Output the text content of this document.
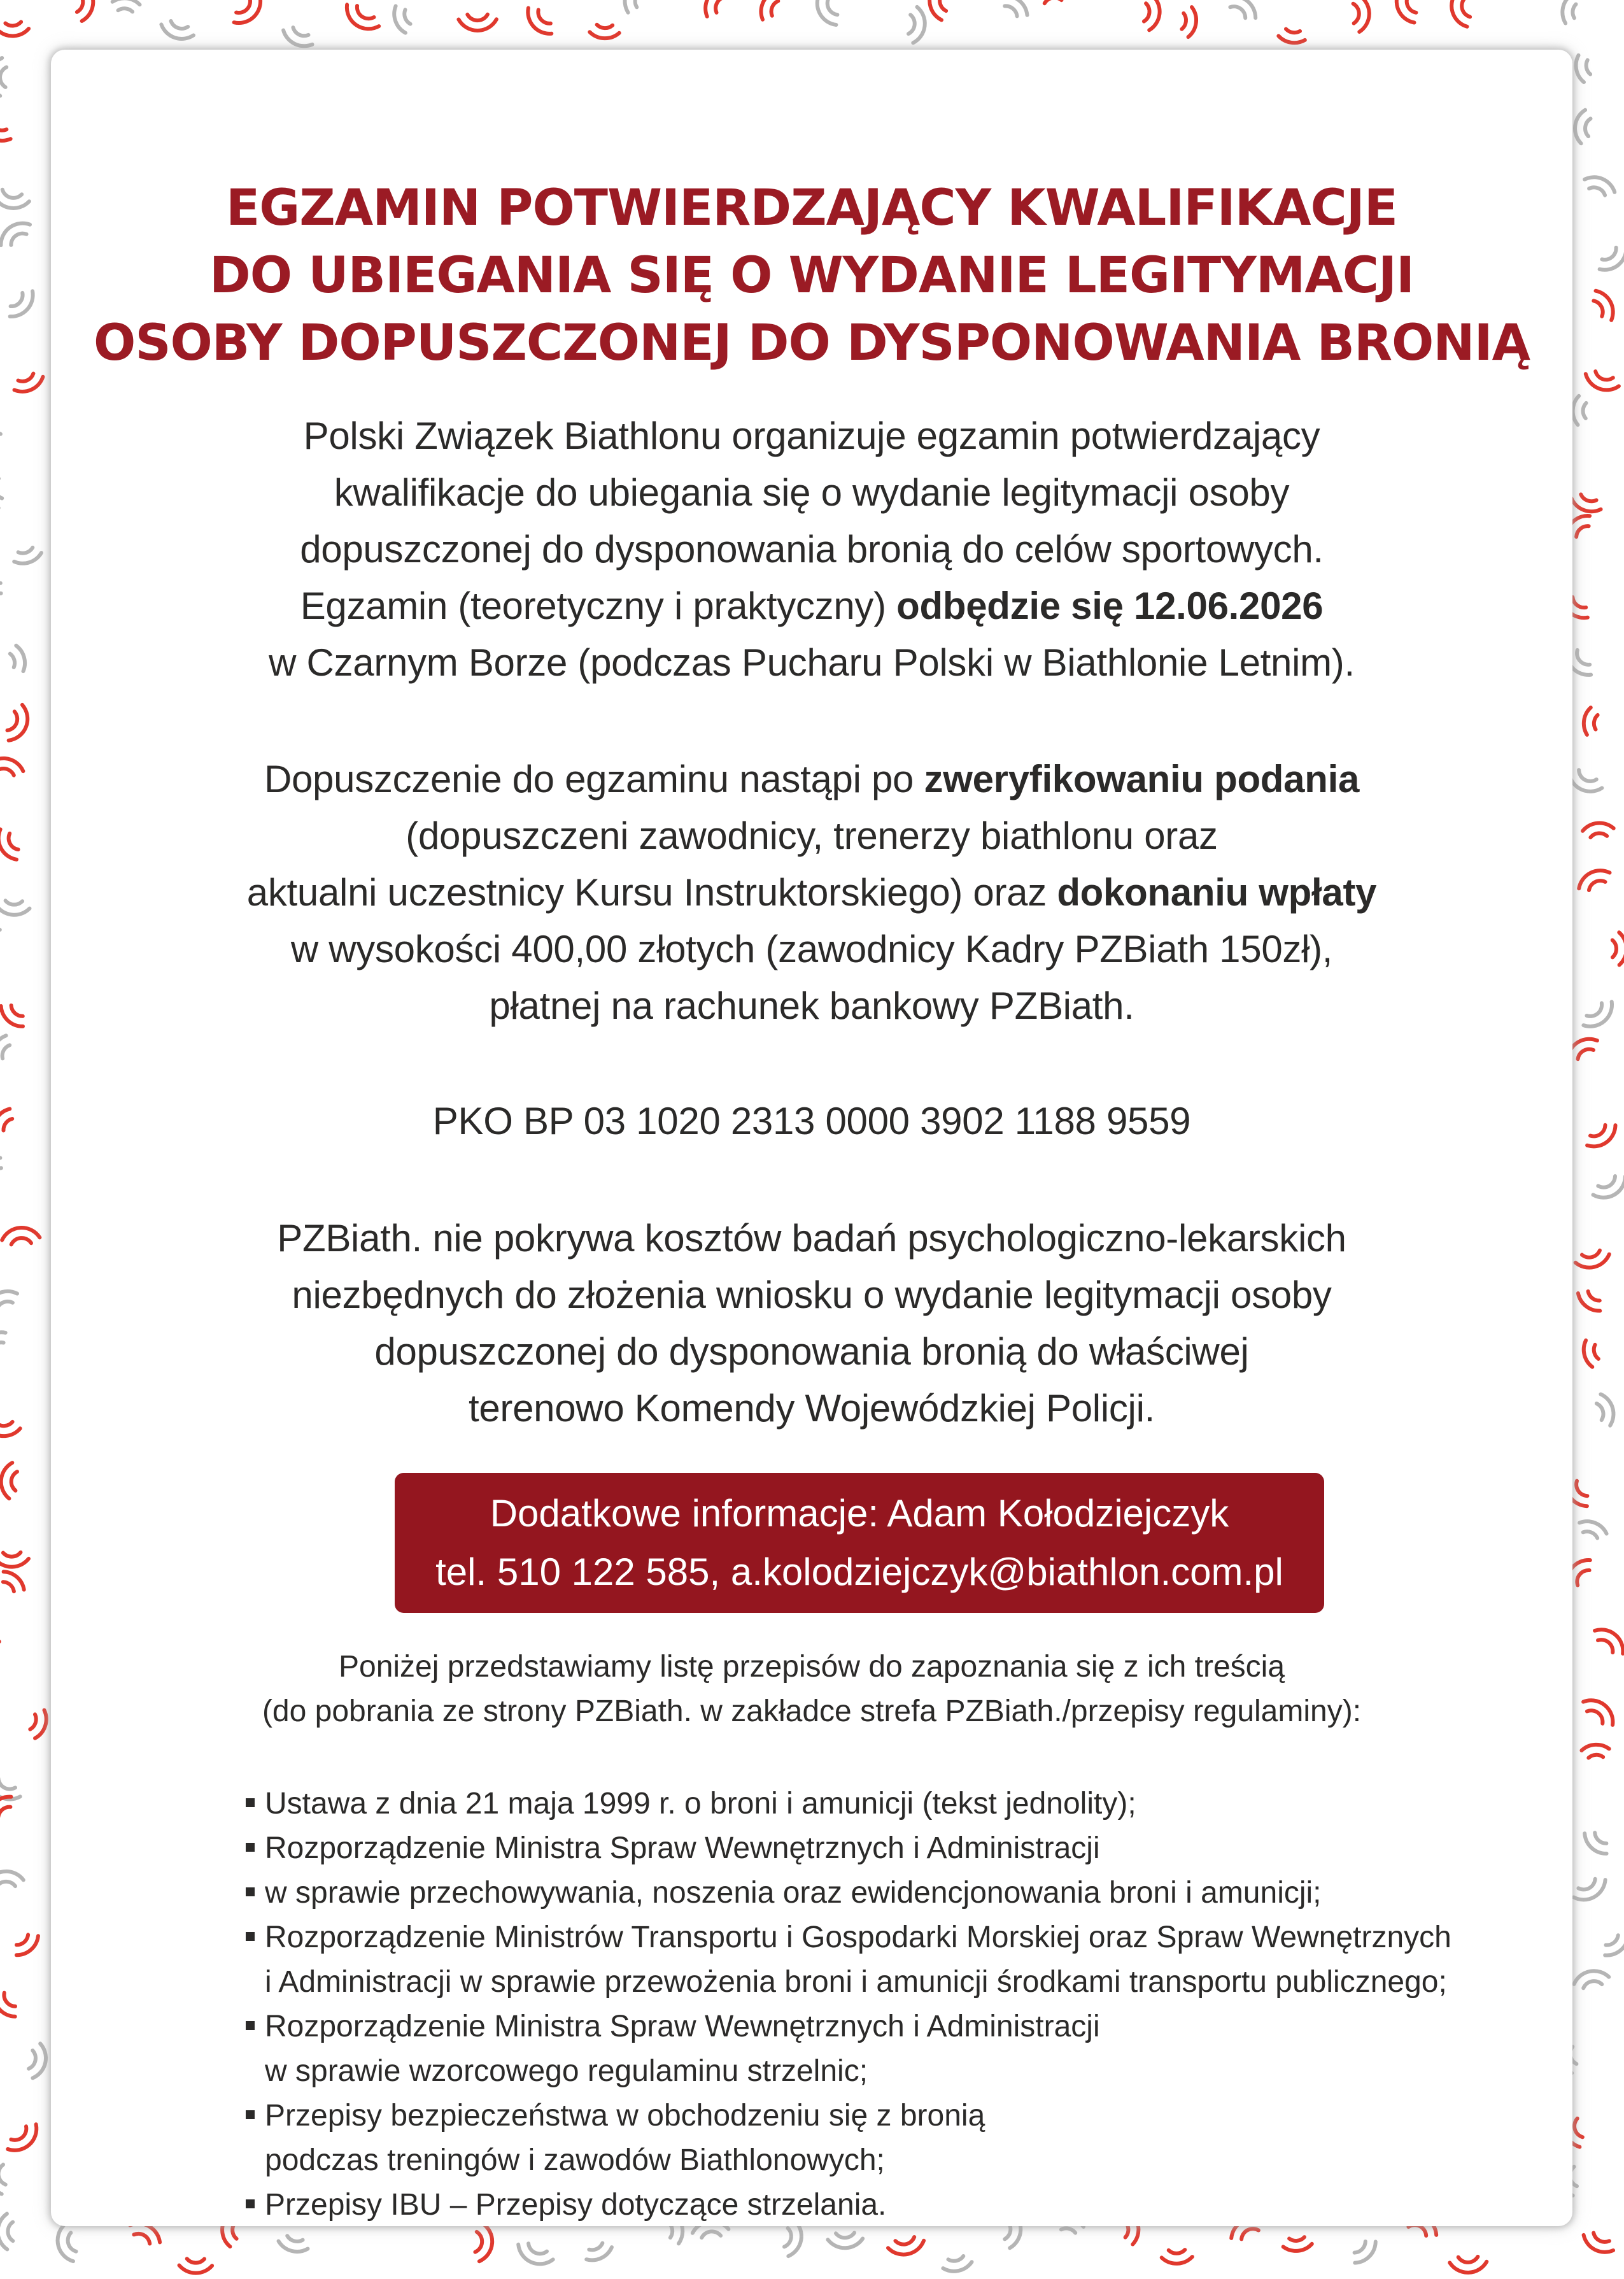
EGZAMIN POTWIERDZAJĄCY KWALIFIKACJE
DO UBIEGANIA SIĘ O WYDANIE LEGITYMACJI
OSOBY DOPUSZCZONEJ DO DYSPONOWANIA BRONIĄ
Polski Związek Biathlonu organizuje egzamin potwierdzający
kwalifikacje do ubiegania się o wydanie legitymacji osoby
dopuszczonej do dysponowania bronią do celów sportowych.
Egzamin (teoretyczny i praktyczny) odbędzie się 12.06.2026
w Czarnym Borze (podczas Pucharu Polski w Biathlonie Letnim).
Dopuszczenie do egzaminu nastąpi po zweryfikowaniu podania
(dopuszczeni zawodnicy, trenerzy biathlonu oraz
aktualni uczestnicy Kursu Instruktorskiego) oraz dokonaniu wpłaty
w wysokości 400,00 złotych (zawodnicy Kadry PZBiath 150zł),
płatnej na rachunek bankowy PZBiath.
PKO BP 03 1020 2313 0000 3902 1188 9559
PZBiath. nie pokrywa kosztów badań psychologiczno-lekarskich
niezbędnych do złożenia wniosku o wydanie legitymacji osoby
dopuszczonej do dysponowania bronią do właściwej
terenowo Komendy Wojewódzkiej Policji.
Dodatkowe informacje: Adam Kołodziejczyk
tel. 510 122 585, a.kolodziejczyk@biathlon.com.pl
Poniżej przedstawiamy listę przepisów do zapoznania się z ich treścią
(do pobrania ze strony PZBiath. w zakładce strefa PZBiath./przepisy regulaminy):
Ustawa z dnia 21 maja 1999 r. o broni i amunicji (tekst jednolity);
Rozporządzenie Ministra Spraw Wewnętrznych i Administracji
w sprawie przechowywania, noszenia oraz ewidencjonowania broni i amunicji;
Rozporządzenie Ministrów Transportu i Gospodarki Morskiej oraz Spraw Wewnętrznych
i Administracji w sprawie przewożenia broni i amunicji środkami transportu publicznego;
Rozporządzenie Ministra Spraw Wewnętrznych i Administracji
w sprawie wzorcowego regulaminu strzelnic;
Przepisy bezpieczeństwa w obchodzeniu się z bronią
podczas treningów i zawodów Biathlonowych;
Przepisy IBU – Przepisy dotyczące strzelania.
